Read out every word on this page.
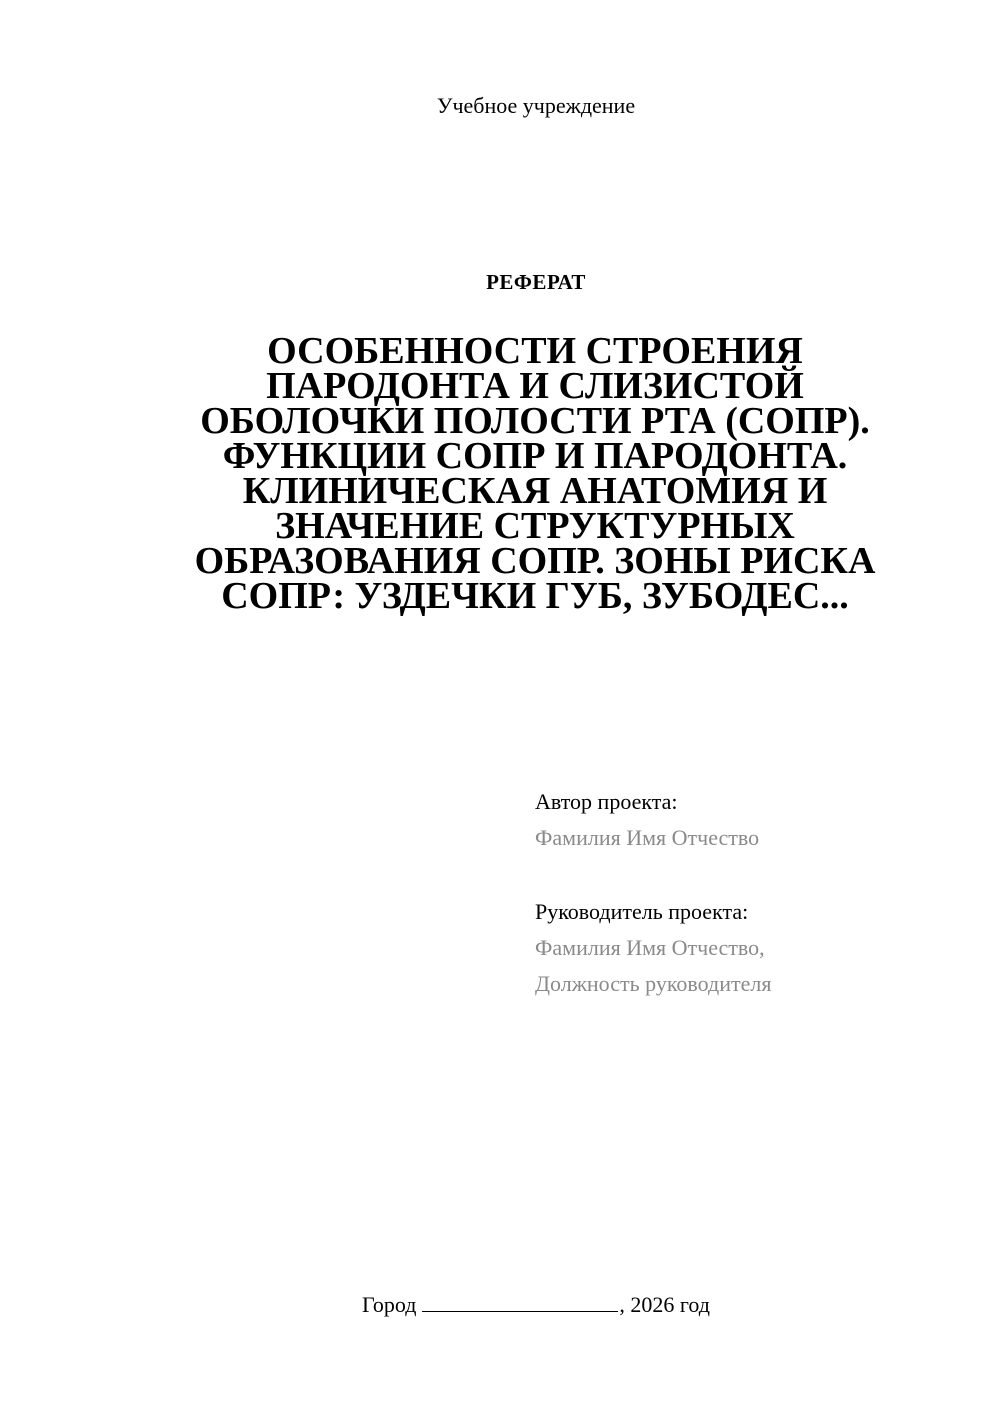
Учебное учреждение
РЕФЕРАТ
ОСОБЕННОСТИ СТРОЕНИЯ
ПАРОДОНТА И СЛИЗИСТОЙ
ОБОЛОЧКИ ПОЛОСТИ РТА (СОПР).
ФУНКЦИИ СОПР И ПАРОДОНТА.
КЛИНИЧЕСКАЯ АНАТОМИЯ И
ЗНАЧЕНИЕ СТРУКТУРНЫХ
ОБРАЗОВАНИЯ СОПР. ЗОНЫ РИСКА
СОПР: УЗДЕЧКИ ГУБ, ЗУБОДЕС...
Автор проекта:
Фамилия Имя Отчество
Руководитель проекта:
Фамилия Имя Отчество,
Должность руководителя
Город	, 2026 год
